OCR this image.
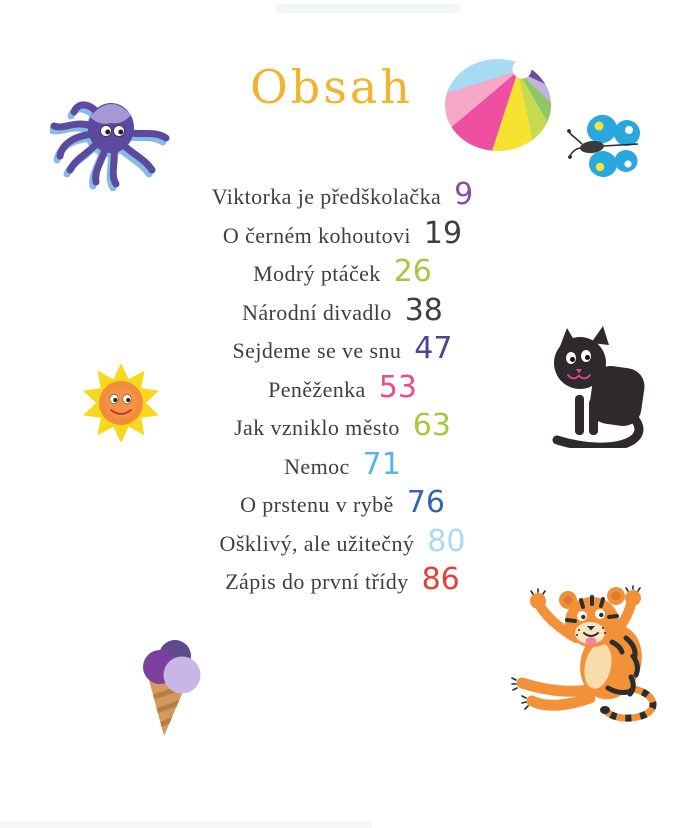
Obsah
Viktorka je předškolačka 9
O černém kohoutovi 19
Modrý ptáček 26
Národní divadlo 38
Sejdeme se ve snu 47
Peněženka 53
Jak vzniklo město 63
Nemoc 71
O prstenu v rybě 76
Ošklivý, ale užitečný 80
Zápis do první třídy 86
